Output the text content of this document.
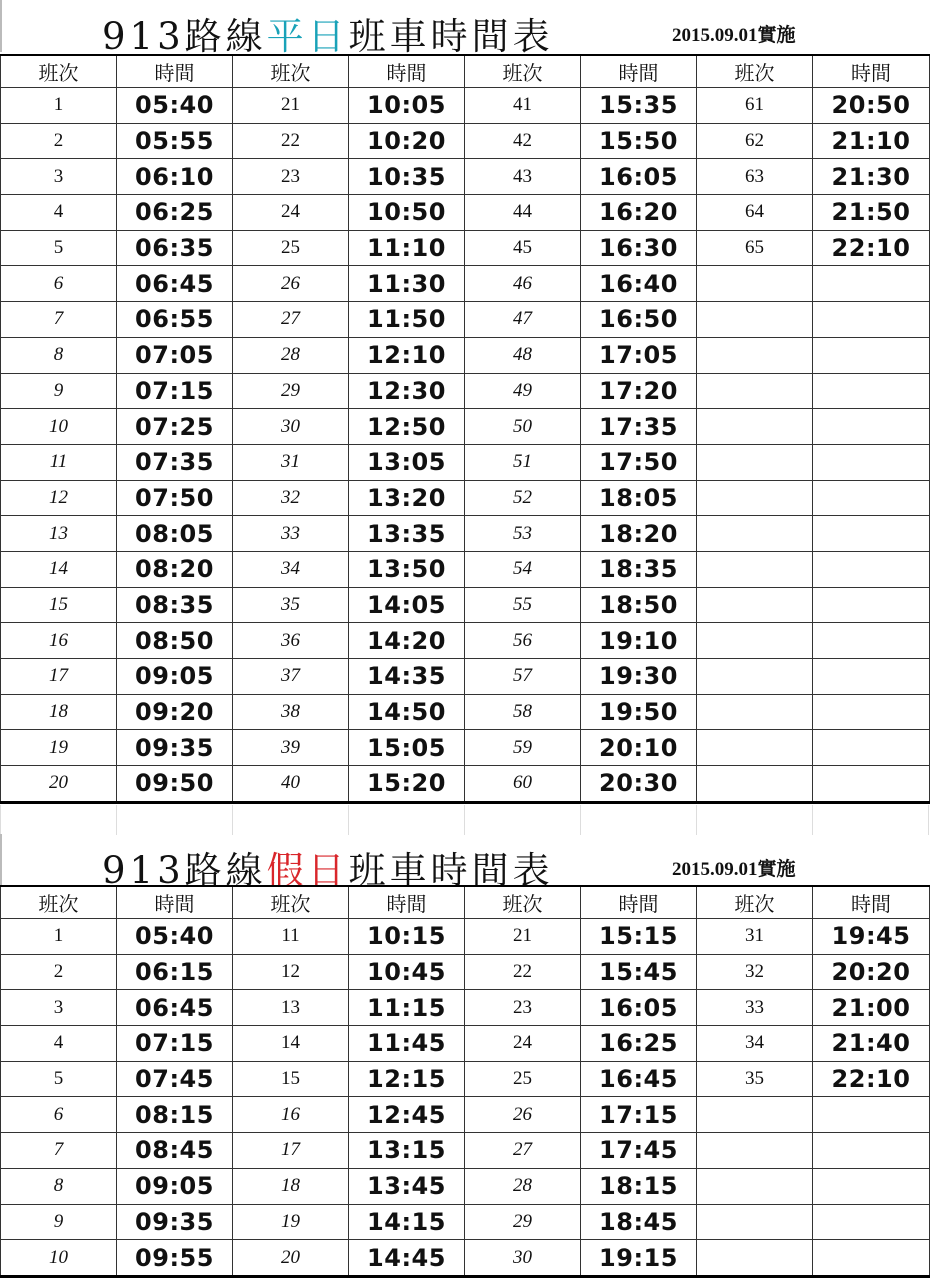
913路線平日班車時間表	2015.09.01實施
班次	時間	班次	時間	班次	時間	班次	時間
1	05:40	21	10:05	41	15:35	61	20:50
2	05:55	22	10:20	42	15:50	62	21:10
3	06:10	23	10:35	43	16:05	63	21:30
4	06:25	24	10:50	44	16:20	64	21:50
5	06:35	25	11:10	45	16:30	65	22:10
6	06:45	26	11:30	46	16:40		
7	06:55	27	11:50	47	16:50		
8	07:05	28	12:10	48	17:05		
9	07:15	29	12:30	49	17:20		
10	07:25	30	12:50	50	17:35		
11	07:35	31	13:05	51	17:50		
12	07:50	32	13:20	52	18:05		
13	08:05	33	13:35	53	18:20		
14	08:20	34	13:50	54	18:35		
15	08:35	35	14:05	55	18:50		
16	08:50	36	14:20	56	19:10		
17	09:05	37	14:35	57	19:30		
18	09:20	38	14:50	58	19:50		
19	09:35	39	15:05	59	20:10		
20	09:50	40	15:20	60	20:30		
913路線假日班車時間表	2015.09.01實施
班次	時間	班次	時間	班次	時間	班次	時間
1	05:40	11	10:15	21	15:15	31	19:45
2	06:15	12	10:45	22	15:45	32	20:20
3	06:45	13	11:15	23	16:05	33	21:00
4	07:15	14	11:45	24	16:25	34	21:40
5	07:45	15	12:15	25	16:45	35	22:10
6	08:15	16	12:45	26	17:15		
7	08:45	17	13:15	27	17:45		
8	09:05	18	13:45	28	18:15		
9	09:35	19	14:15	29	18:45		
10	09:55	20	14:45	30	19:15		
